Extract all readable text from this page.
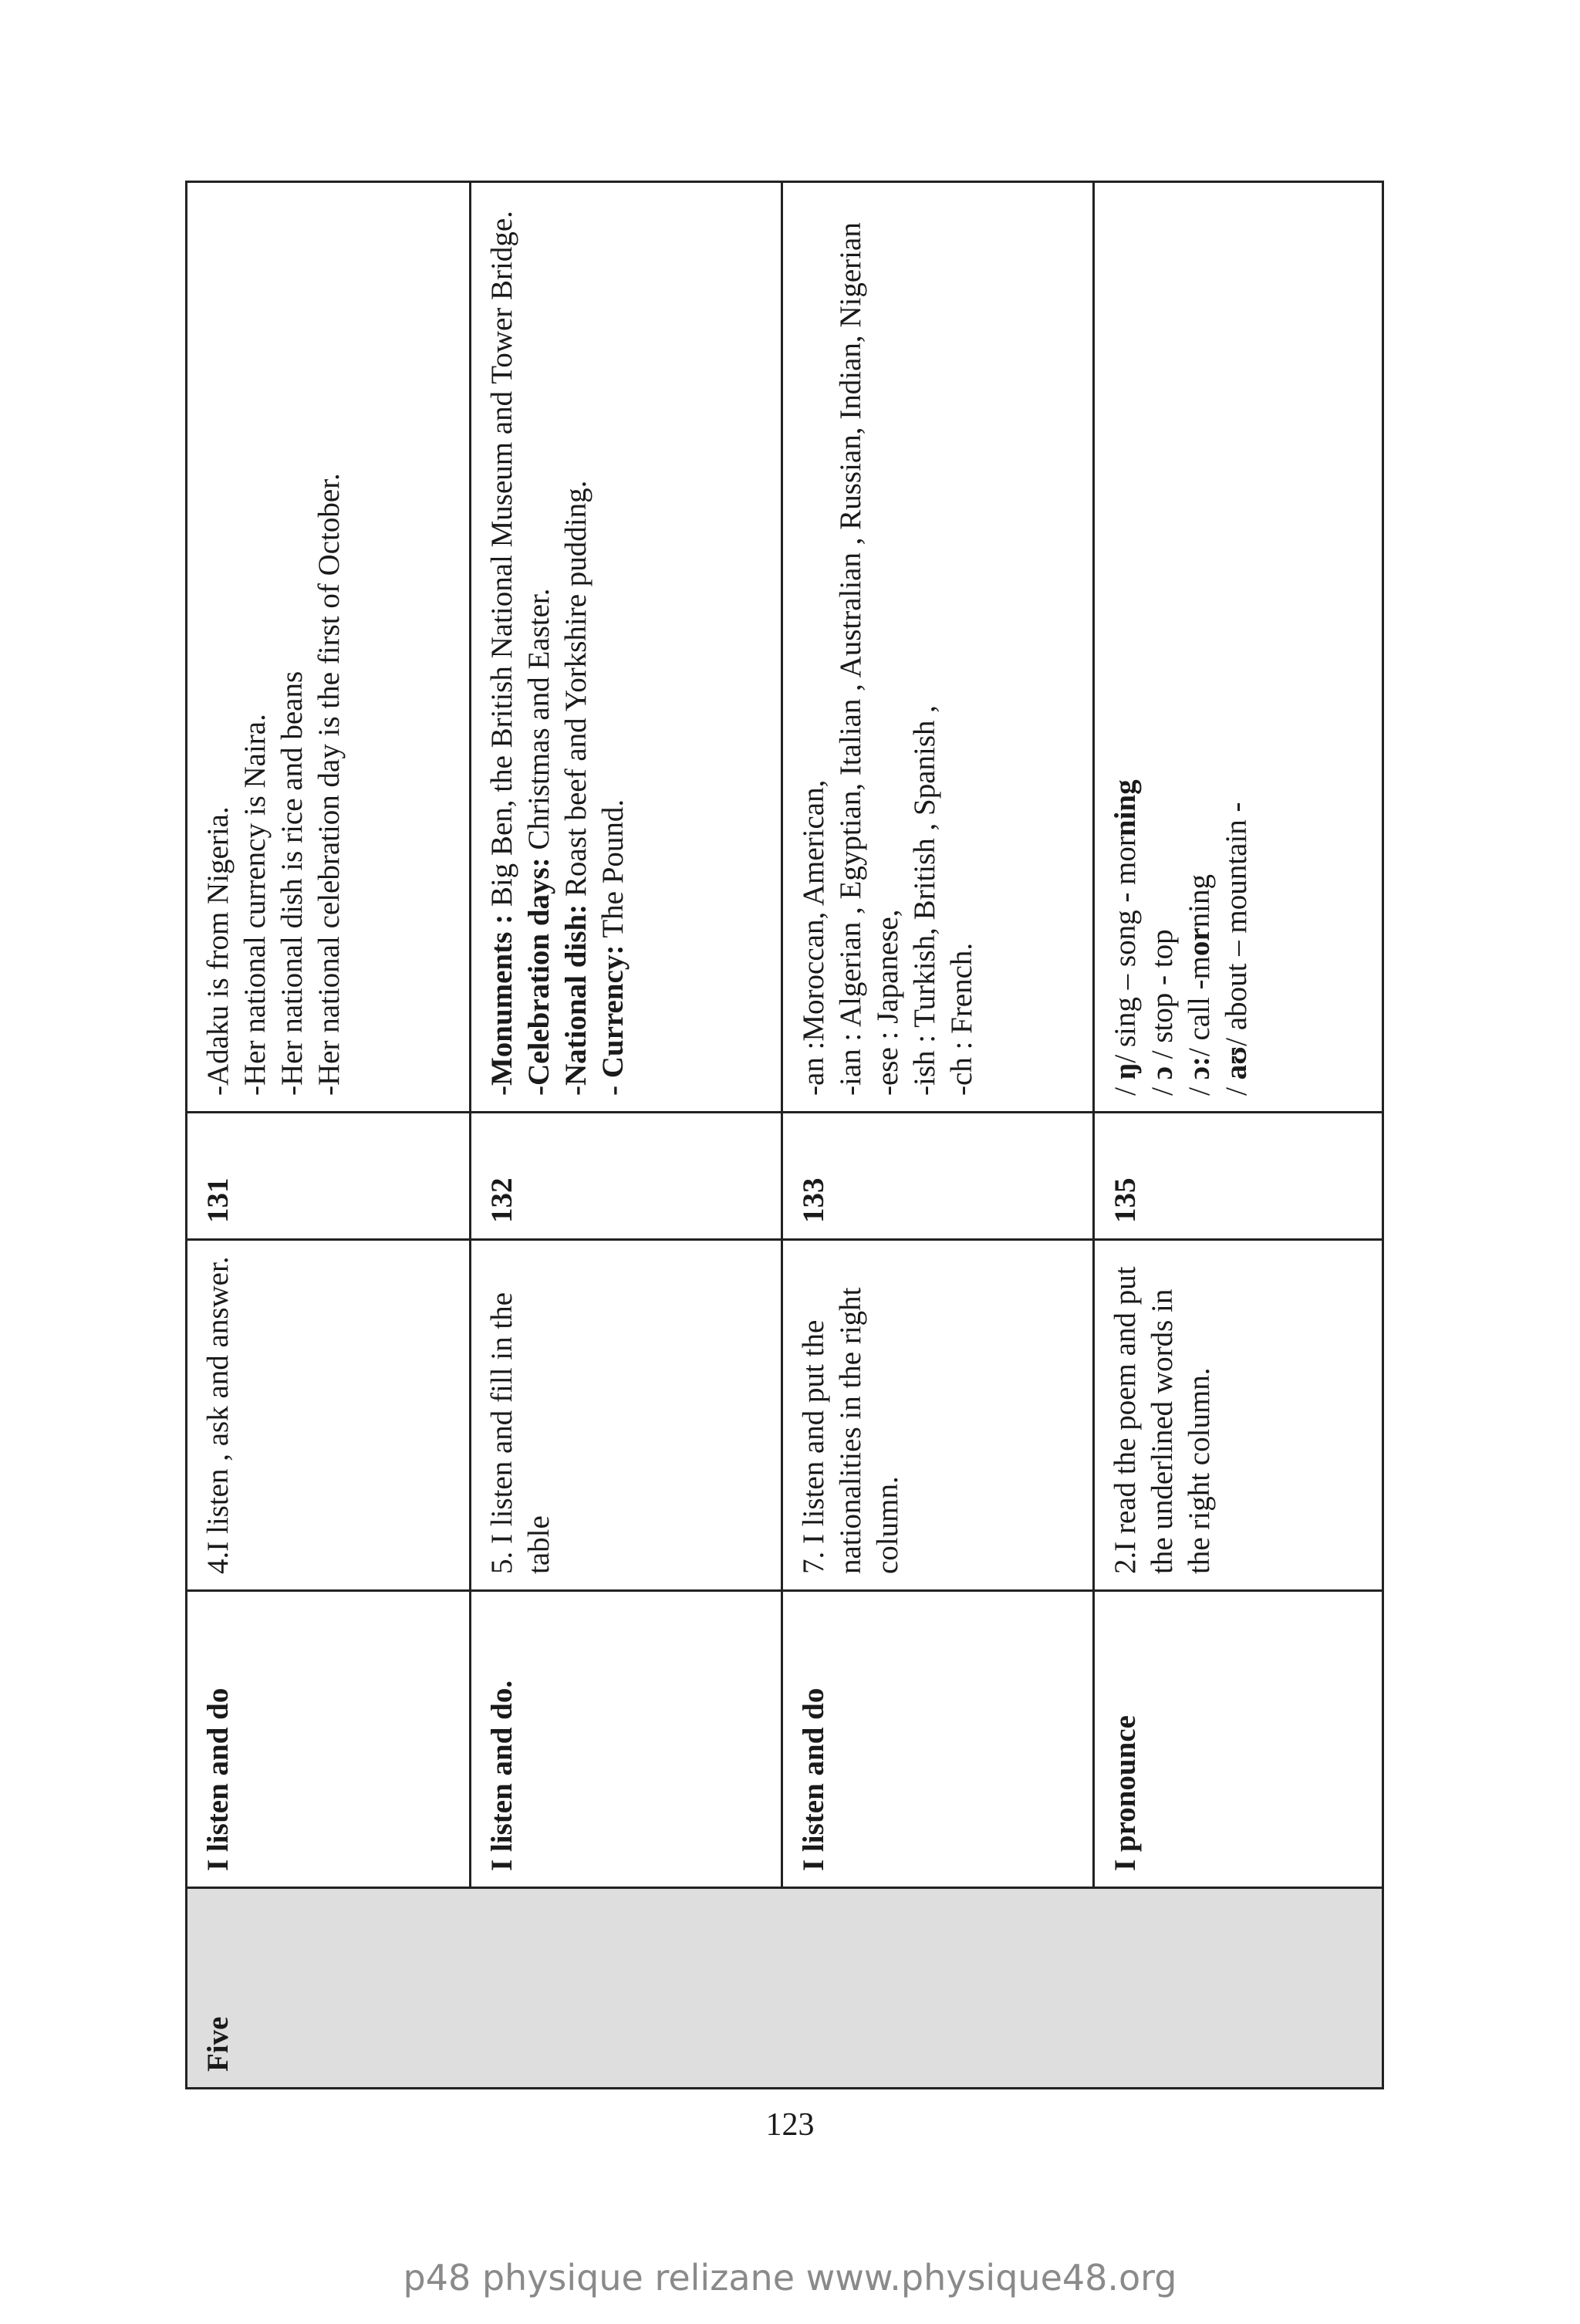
Five	I listen and do	4.I listen , ask and answer.	131	-Adaku is from Nigeria. -Her national currency is Naira. -Her national dish is rice and beans -Her national celebration day is the first of October.

	I listen and do.	5. I listen and fill in the table	132	-Monuments : Big Ben, the British National Museum and Tower Bridge.
-Celebration days: Christmas and Easter.
-National dish: Roast beef and Yorkshire pudding.
- Currency: The Pound.

	I listen and do	7. I listen and put the nationalities in the right column.	133	-an :Moroccan, American, -ian : Algerian , Egyptian, Italian , Australian , Russian, Indian, Nigerian -ese : Japanese, -ish : Turkish, British , Spanish , -ch : French.

	I pronounce	2.I read the poem and put the underlined words in the right column.	135	/ ŋ/ sing – song - morning
/ ɔ / stop - top
/ ɔ:/ call -morning
/ aʊ/ about – mountain -
123
p48 physique relizane www.physique48.org
